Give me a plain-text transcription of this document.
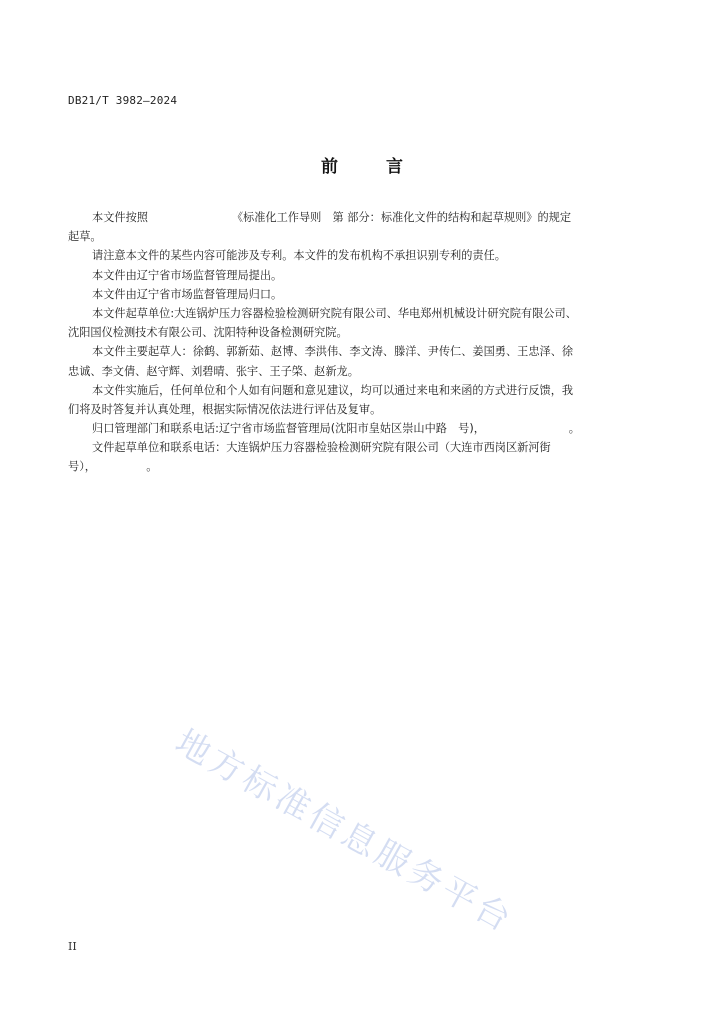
DB21/T 3982—2024
前	言
本文件按照　　　　　　　　《标准化工作导则　第 部分：标准化文件的结构和起草规则》的规定
起草。
请注意本文件的某些内容可能涉及专利。本文件的发布机构不承担识别专利的责任。
本文件由辽宁省市场监督管理局提出。
本文件由辽宁省市场监督管理局归口。
本文件起草单位:大连锅炉压力容器检验检测研究院有限公司、华电郑州机械设计研究院有限公司、
沈阳国仪检测技术有限公司、沈阳特种设备检测研究院。
本文件主要起草人：徐鹤、郭新茹、赵博、李洪伟、李文涛、滕洋、尹传仁、姜国勇、王忠泽、徐
忠诚、李文倩、赵守辉、刘碧晴、张宇、王子棨、赵新龙。
本文件实施后，任何单位和个人如有问题和意见建议，均可以通过来电和来函的方式进行反馈，我
们将及时答复并认真处理，根据实际情况依法进行评估及复审。
归口管理部门和联系电话:辽宁省市场监督管理局(沈阳市皇姑区崇山中路　号)，　　　　　　　　。
文件起草单位和联系电话：大连锅炉压力容器检验检测研究院有限公司（大连市西岗区新河街
号），　　　　　。
地方标准信息服务平台
II
